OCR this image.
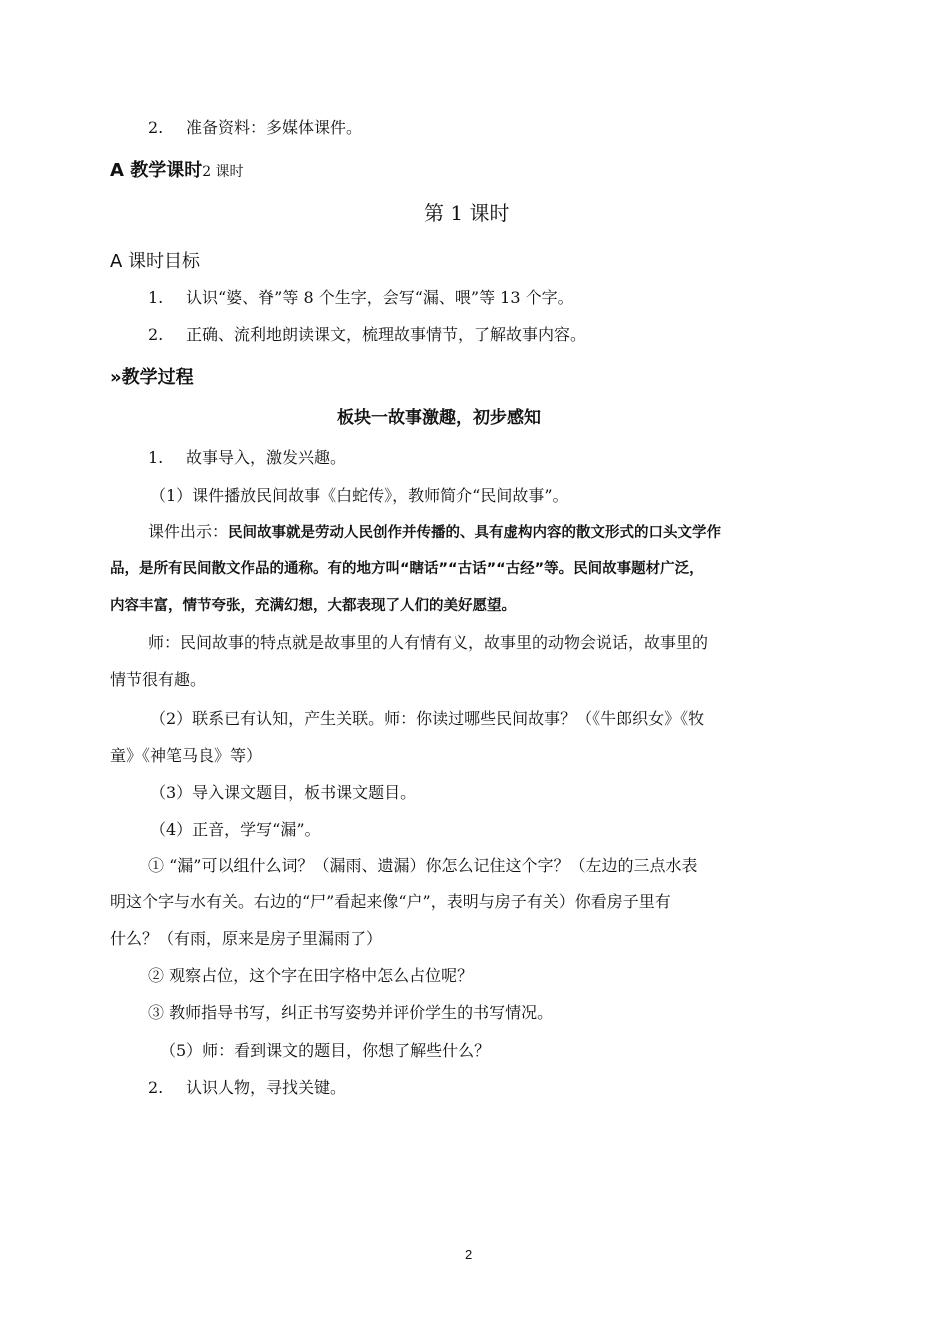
2. 准备资料：多媒体课件。
A 教学课时2 课时
第 1 课时
A 课时目标
1. 认识“婆、脊”等 8 个生字，会写“漏、喂”等 13 个字。
2. 正确、流利地朗读课文，梳理故事情节，了解故事内容。
»教学过程
板块一故事激趣，初步感知
1. 故事导入，激发兴趣。
（1）课件播放民间故事《白蛇传》，教师简介“民间故事”。
课件出示：民间故事就是劳动人民创作并传播的、具有虚构内容的散文形式的口头文学作
品，是所有民间散文作品的通称。有的地方叫“瞎话”“古话”“古经”等。民间故事题材广泛，
内容丰富，情节夸张，充满幻想，大都表现了人们的美好愿望。
师：民间故事的特点就是故事里的人有情有义，故事里的动物会说话，故事里的
情节很有趣。
（2）联系已有认知，产生关联。师：你读过哪些民间故事？（《牛郎织女》《牧
童》《神笔马良》等）
（3）导入课文题目，板书课文题目。
（4）正音，学写“漏”。
① “漏”可以组什么词？（漏雨、遗漏）你怎么记住这个字？（左边的三点水表
明这个字与水有关。右边的“尸”看起来像“户”，表明与房子有关）你看房子里有
什么？（有雨，原来是房子里漏雨了）
② 观察占位，这个字在田字格中怎么占位呢？
③ 教师指导书写，纠正书写姿势并评价学生的书写情况。
（5）师：看到课文的题目，你想了解些什么？
2. 认识人物，寻找关键。
2
